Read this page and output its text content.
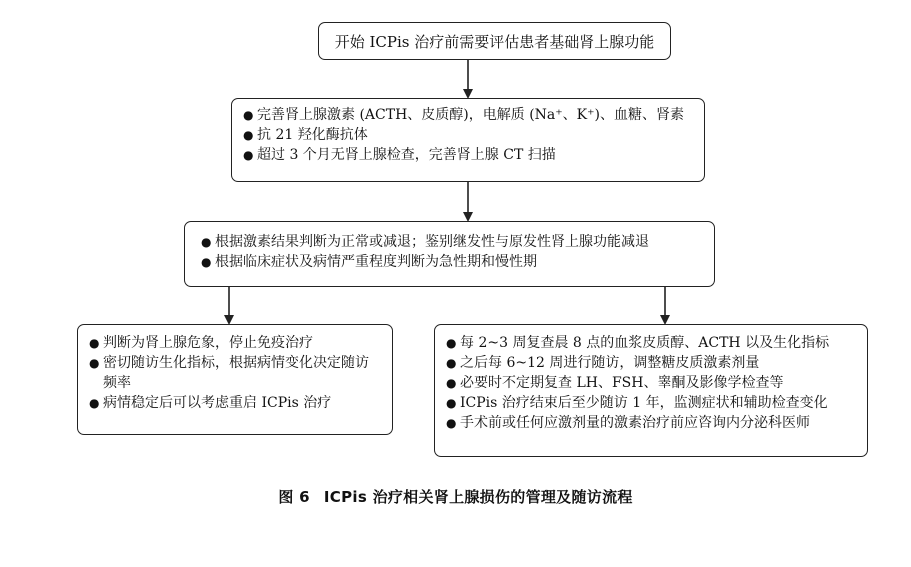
开始 ICPis 治疗前需要评估患者基础肾上腺功能
● 完善肾上腺激素 (ACTH、皮质醇)，电解质 (Na⁺、K⁺)、血糖、肾素
● 抗 21 羟化酶抗体
● 超过 3 个月无肾上腺检查，完善肾上腺 CT 扫描
● 根据激素结果判断为正常或减退；鉴别继发性与原发性肾上腺功能减退
● 根据临床症状及病情严重程度判断为急性期和慢性期
● 判断为肾上腺危象，停止免疫治疗
● 密切随访生化指标，根据病情变化决定随访频率
● 病情稳定后可以考虑重启 ICPis 治疗
● 每 2~3 周复查晨 8 点的血浆皮质醇、ACTH 以及生化指标
● 之后每 6~12 周进行随访，调整糖皮质激素剂量
● 必要时不定期复查 LH、FSH、睾酮及影像学检查等
● ICPis 治疗结束后至少随访 1 年，监测症状和辅助检查变化
● 手术前或任何应激剂量的激素治疗前应咨询内分泌科医师
图 6 ICPis 治疗相关肾上腺损伤的管理及随访流程
